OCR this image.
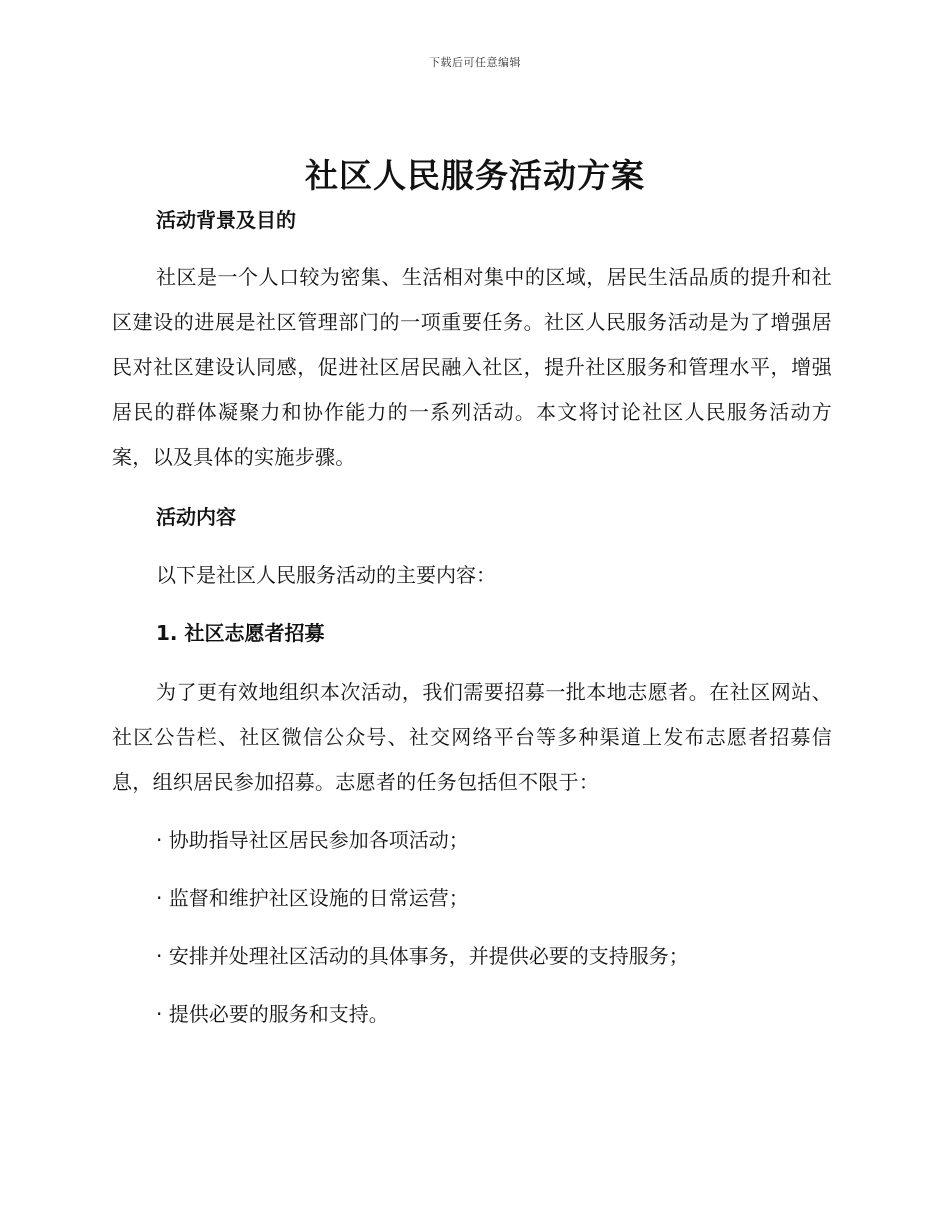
下载后可任意编辑
社区人民服务活动方案

活动背景及目的

社区是一个人口较为密集、生活相对集中的区域，居民生活品质的提升和社区建设的进展是社区管理部门的一项重要任务。社区人民服务活动是为了增强居民对社区建设认同感，促进社区居民融入社区，提升社区服务和管理水平，增强居民的群体凝聚力和协作能力的一系列活动。本文将讨论社区人民服务活动方案，以及具体的实施步骤。

活动内容

以下是社区人民服务活动的主要内容：

1. 社区志愿者招募

为了更有效地组织本次活动，我们需要招募一批本地志愿者。在社区网站、社区公告栏、社区微信公众号、社交网络平台等多种渠道上发布志愿者招募信息，组织居民参加招募。志愿者的任务包括但不限于：

· 协助指导社区居民参加各项活动；

· 监督和维护社区设施的日常运营；

· 安排并处理社区活动的具体事务，并提供必要的支持服务；

· 提供必要的服务和支持。
